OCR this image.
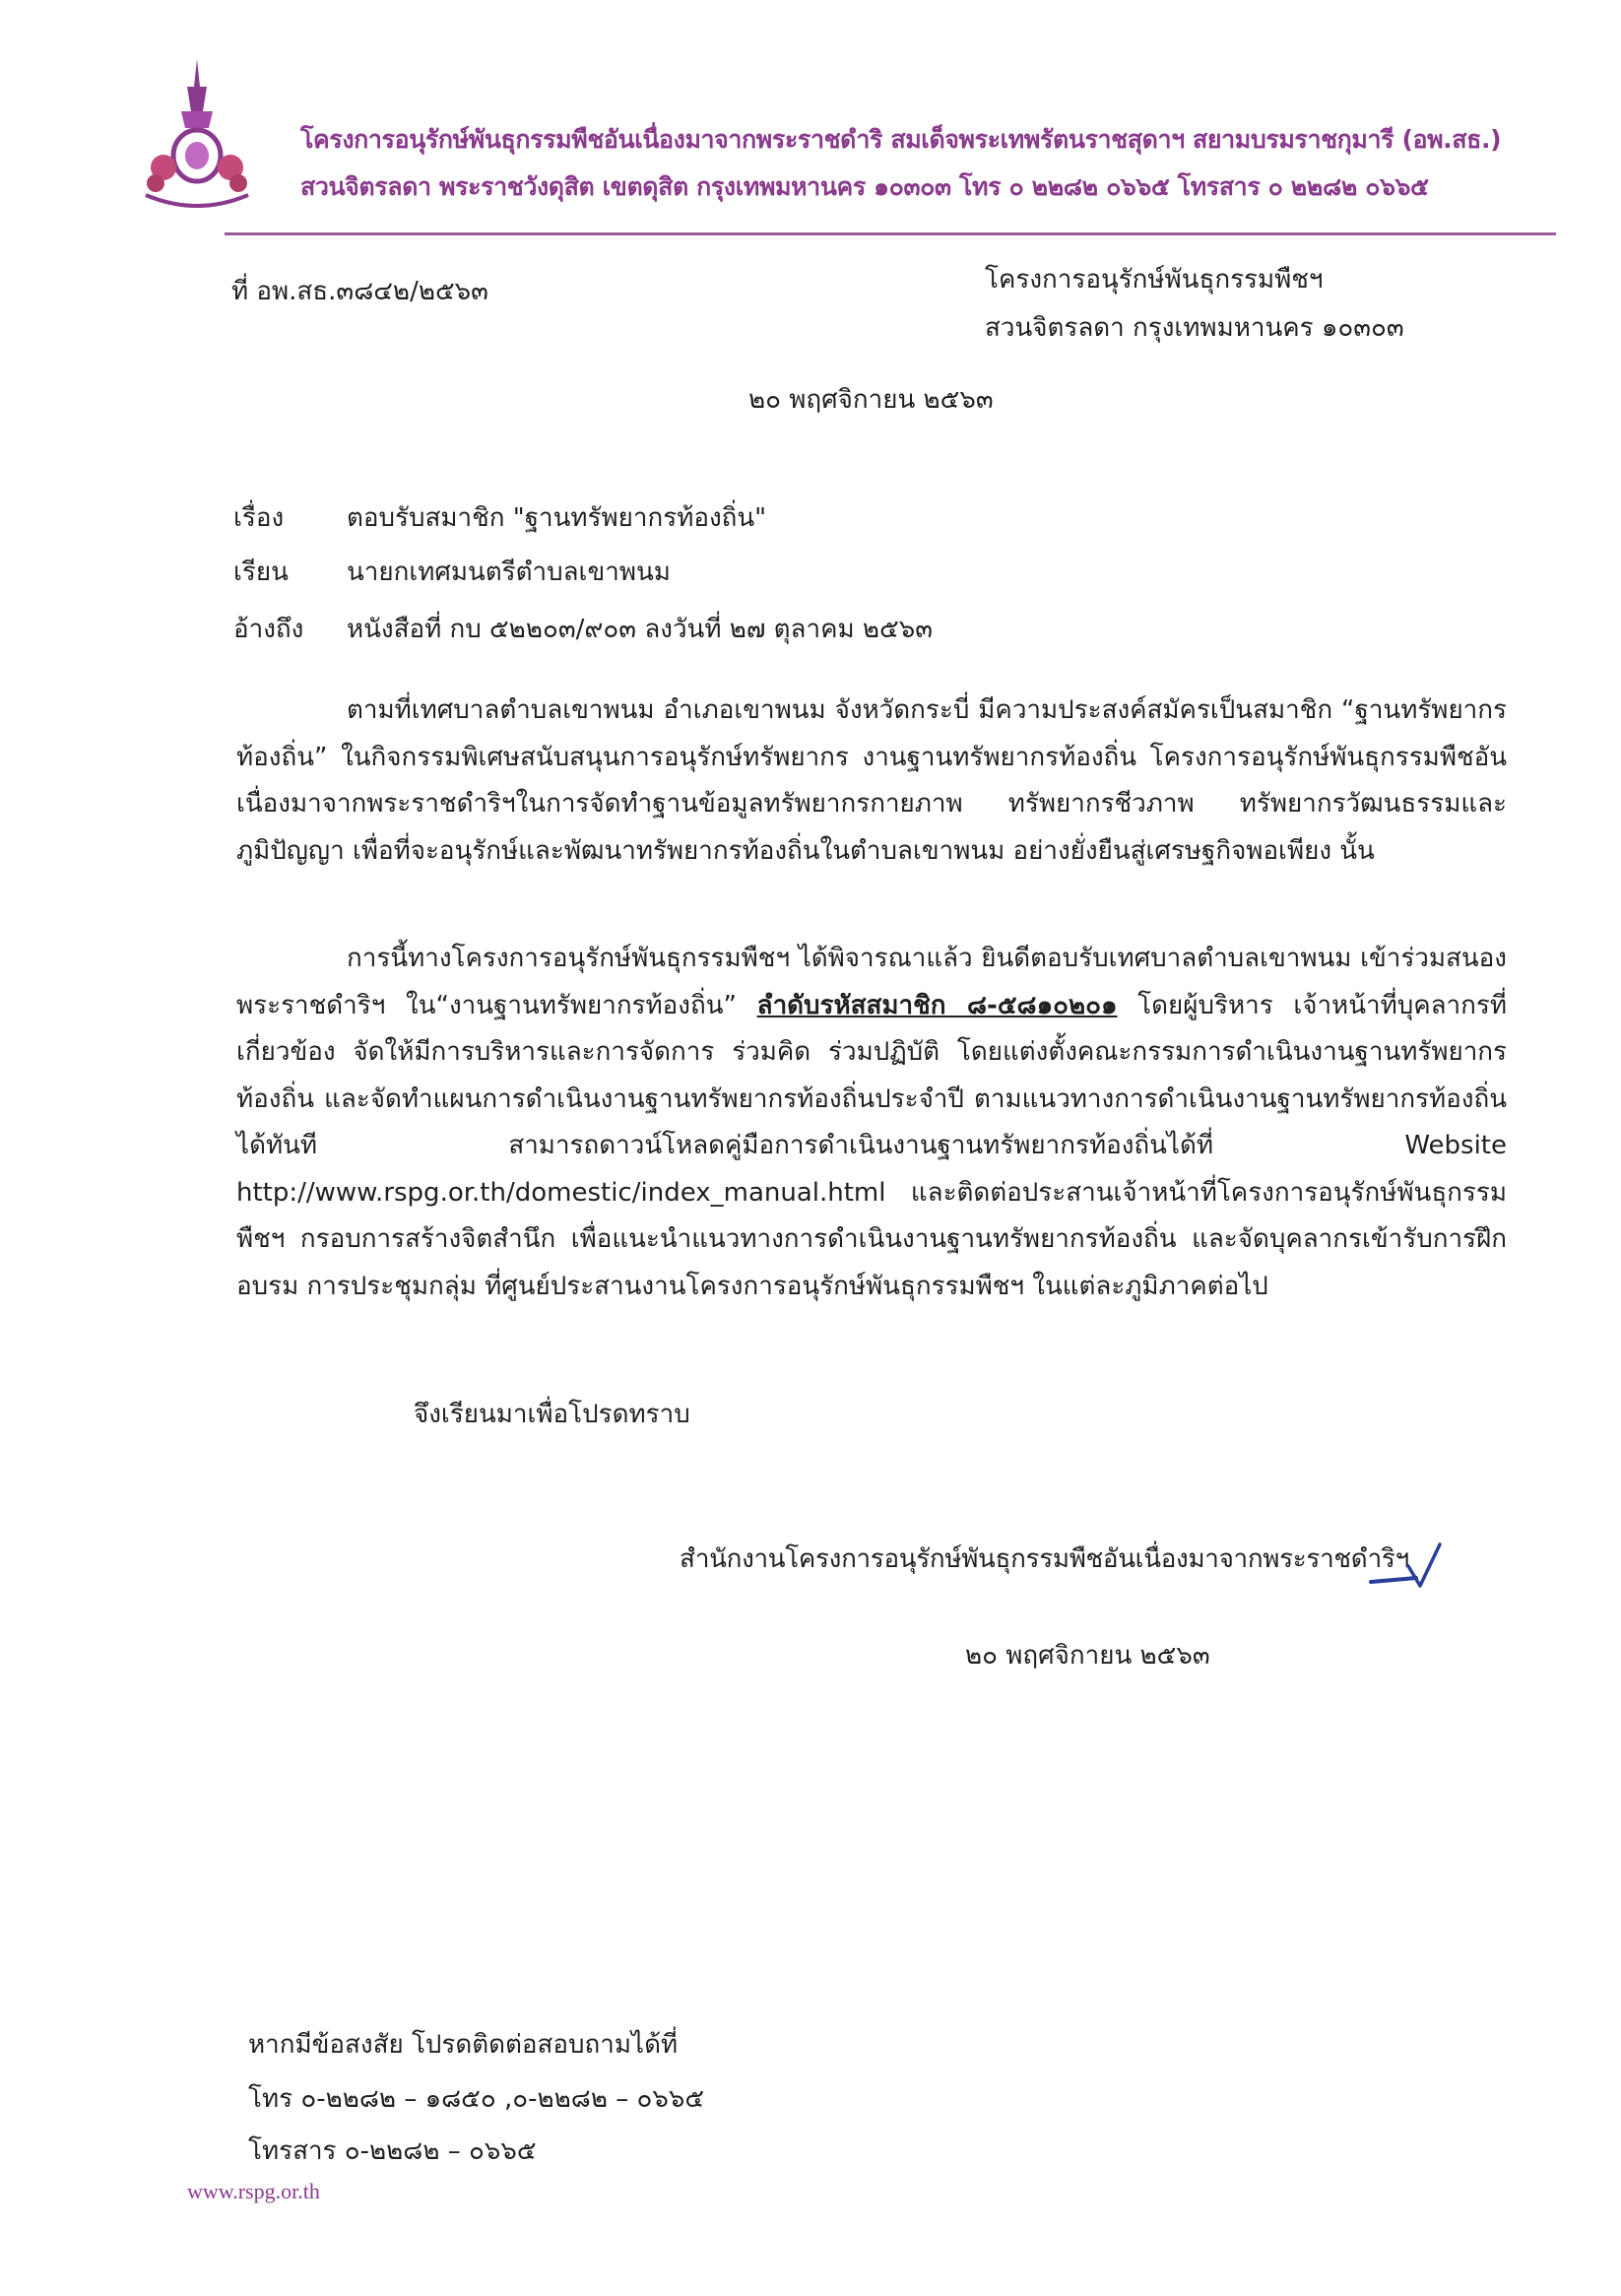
โครงการอนุรักษ์พันธุกรรมพืชอันเนื่องมาจากพระราชดำริ สมเด็จพระเทพรัตนราชสุดาฯ สยามบรมราชกุมารี (อพ.สธ.)
สวนจิตรลดา พระราชวังดุสิต เขตดุสิต กรุงเทพมหานคร ๑๐๓๐๓ โทร ๐ ๒๒๘๒ ๐๖๖๕ โทรสาร ๐ ๒๒๘๒ ๐๖๖๕
ที่ อพ.สธ.๓๘๔๒/๒๕๖๓	โครงการอนุรักษ์พันธุกรรมพืชฯ
สวนจิตรลดา กรุงเทพมหานคร ๑๐๓๐๓
๒๐ พฤศจิกายน ๒๕๖๓
เรื่อง ตอบรับสมาชิก "ฐานทรัพยากรท้องถิ่น"
เรียน นายกเทศมนตรีตำบลเขาพนม
อ้างถึง หนังสือที่ กบ ๕๒๒๐๓/๙๐๓ ลงวันที่ ๒๗ ตุลาคม ๒๕๖๓
ตามที่เทศบาลตำบลเขาพนม อำเภอเขาพนม จังหวัดกระบี่ มีความประสงค์สมัครเป็นสมาชิก “ฐานทรัพยากรท้องถิ่น” ในกิจกรรมพิเศษสนับสนุนการอนุรักษ์ทรัพยากร งานฐานทรัพยากรท้องถิ่น โครงการอนุรักษ์พันธุกรรมพืชอันเนื่องมาจากพระราชดำริฯในการจัดทำฐานข้อมูลทรัพยากรกายภาพ ทรัพยากรชีวภาพ ทรัพยากรวัฒนธรรมและภูมิปัญญา เพื่อที่จะอนุรักษ์และพัฒนาทรัพยากรท้องถิ่นในตำบลเขาพนม อย่างยั่งยืนสู่เศรษฐกิจพอเพียง นั้น
การนี้ทางโครงการอนุรักษ์พันธุกรรมพืชฯ ได้พิจารณาแล้ว ยินดีตอบรับเทศบาลตำบลเขาพนม เข้าร่วมสนองพระราชดำริฯ ใน“งานฐานทรัพยากรท้องถิ่น” ลำดับรหัสสมาชิก ๘-๕๘๑๐๒๐๑ โดยผู้บริหาร เจ้าหน้าที่บุคลากรที่เกี่ยวข้อง จัดให้มีการบริหารและการจัดการ ร่วมคิด ร่วมปฏิบัติ โดยแต่งตั้งคณะกรรมการดำเนินงานฐานทรัพยากรท้องถิ่น และจัดทำแผนการดำเนินงานฐานทรัพยากรท้องถิ่นประจำปี ตามแนวทางการดำเนินงานฐานทรัพยากรท้องถิ่นได้ทันที สามารถดาวน์โหลดคู่มือการดำเนินงานฐานทรัพยากรท้องถิ่นได้ที่ Website http://www.rspg.or.th/domestic/index_manual.html และติดต่อประสานเจ้าหน้าที่โครงการอนุรักษ์พันธุกรรมพืชฯ กรอบการสร้างจิตสำนึก เพื่อแนะนำแนวทางการดำเนินงานฐานทรัพยากรท้องถิ่น และจัดบุคลากรเข้ารับการฝึกอบรม การประชุมกลุ่ม ที่ศูนย์ประสานงานโครงการอนุรักษ์พันธุกรรมพืชฯ ในแต่ละภูมิภาคต่อไป
จึงเรียนมาเพื่อโปรดทราบ
สำนักงานโครงการอนุรักษ์พันธุกรรมพืชอันเนื่องมาจากพระราชดำริฯ
๒๐ พฤศจิกายน ๒๕๖๓
หากมีข้อสงสัย โปรดติดต่อสอบถามได้ที่
โทร ๐-๒๒๘๒ – ๑๘๕๐ ,๐-๒๒๘๒ – ๐๖๖๕
โทรสาร ๐-๒๒๘๒ – ๐๖๖๕
www.rspg.or.th
